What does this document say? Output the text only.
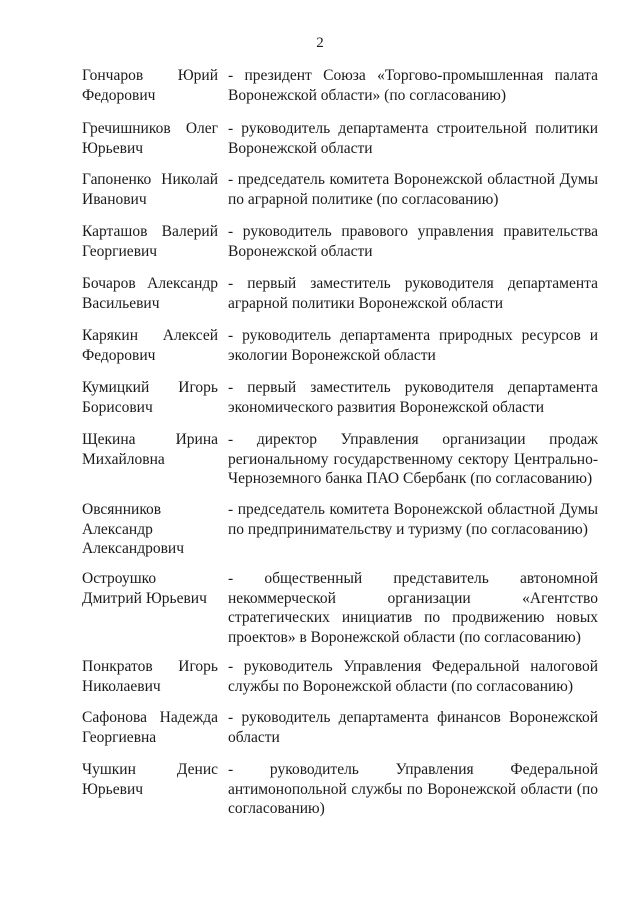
2
Гончаров Юрий
Федорович
- президент Союза «Торгово-промышленная палата
Воронежской области» (по согласованию)
Гречишников Олег
Юрьевич
- руководитель департамента строительной политики
Воронежской области
Гапоненко Николай
Иванович
- председатель комитета Воронежской областной Думы
по аграрной политике (по согласованию)
Карташов Валерий
Георгиевич
- руководитель правового управления правительства
Воронежской области
Бочаров Александр
Васильевич
- первый заместитель руководителя департамента
аграрной политики Воронежской области
Карякин Алексей
Федорович
- руководитель департамента природных ресурсов и
экологии Воронежской области
Кумицкий Игорь
Борисович
- первый заместитель руководителя департамента
экономического развития Воронежской области
Щекина Ирина
Михайловна
- директор Управления организации продаж
региональному государственному сектору Центрально-
Черноземного банка ПАО Сбербанк (по согласованию)
Овсянников
Александр
Александрович
- председатель комитета Воронежской областной Думы
по предпринимательству и туризму (по согласованию)
Остроушко
Дмитрий Юрьевич
- общественный представитель автономной
некоммерческой организации «Агентство
стратегических инициатив по продвижению новых
проектов» в Воронежской области (по согласованию)
Понкратов Игорь
Николаевич
- руководитель Управления Федеральной налоговой
службы по Воронежской области (по согласованию)
Сафонова Надежда
Георгиевна
- руководитель департамента финансов Воронежской
области
Чушкин Денис
Юрьевич
- руководитель Управления Федеральной
антимонопольной службы по Воронежской области (по
согласованию)
